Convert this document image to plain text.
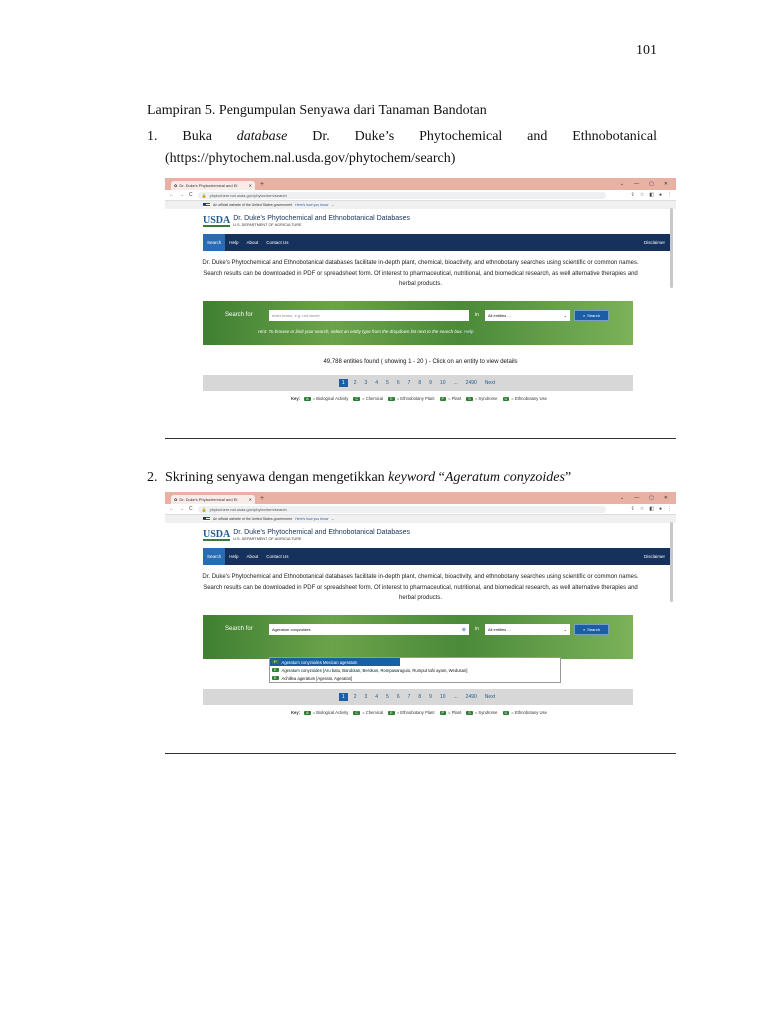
101
Lampiran 5. Pengumpulan Senyawa dari Tanaman Bandotan
1. Buka database Dr. Duke’s Phytochemical and Ethnobotanical
(https://phytochem.nal.usda.gov/phytochem/search)
✿ Dr. Duke's Phytochemical and Et	✕ +	⌄ — ▢ ✕
← → C 🔒 phytochem.nal.usda.gov/phytochem/search	⇪ ☆ ◧ ● ⋮
An official website of the United States government Here's how you know ⌄
USDA Dr. Duke's Phytochemical and Ethnobotanical Databases
U.S. DEPARTMENT OF AGRICULTURE
Search	Help	About	Contact Us	Disclaimer
Dr. Duke's Phytochemical and Ethnobotanical databases facilitate in-depth plant, chemical, bioactivity, and ethnobotany searches using scientific or common names. Search results can be downloaded in PDF or spreadsheet form. Of interest to pharmaceutical, nutritional, and biomedical research, as well alternative therapies and herbal products.
Search for	enter terms, e.g. red clover	in All entities ...	⌄	⌕ Search
Hint: To browse or limit your search, select an entity type from the dropdown list next to the search box. Help
49,788 entities found ( showing 1 - 20 ) - Click on an entity to view details
1	2	3	4	5	6	7	8	9	10	...	2490	Next
Key:	A = Biological Activity	C = Chemical	E = Ethnobotany Plant	P = Plant	S = Syndrome	U = Ethnobotany Use
2. Skrining senyawa dengan mengetikkan keyword “Ageratum conyzoides”
✿ Dr. Duke's Phytochemical and Et	✕ +	⌄ — ▢ ✕
← → C 🔒 phytochem.nal.usda.gov/phytochem/search	⇪ ☆ ◧ ● ⋮
An official website of the United States government Here's how you know ⌄
USDA Dr. Duke's Phytochemical and Ethnobotanical Databases
U.S. DEPARTMENT OF AGRICULTURE
Search	Help	About	Contact Us	Disclaimer
Dr. Duke's Phytochemical and Ethnobotanical databases facilitate in-depth plant, chemical, bioactivity, and ethnobotany searches using scientific or common names. Search results can be downloaded in PDF or spreadsheet form. Of interest to pharmaceutical, nutritional, and biomedical research, as well alternative therapies and herbal products.
Search for	Ageratum conyzoides	⊗ in All entities ...	⌄	⌕ Search
P	Ageratum conyzoides Mexican ageratum
E	Ageratum conyzoides [Aru batu, Bandotan, Berokan, Rompasaraguio, Rumput tahi ayam, Wedusan]
E	Achillea ageratum [Agerato, Ageraton]
1	2	3	4	5	6	7	8	9	10	...	2490	Next
Key:	A = Biological Activity	C = Chemical	E = Ethnobotany Plant	P = Plant	S = Syndrome	U = Ethnobotany Use
